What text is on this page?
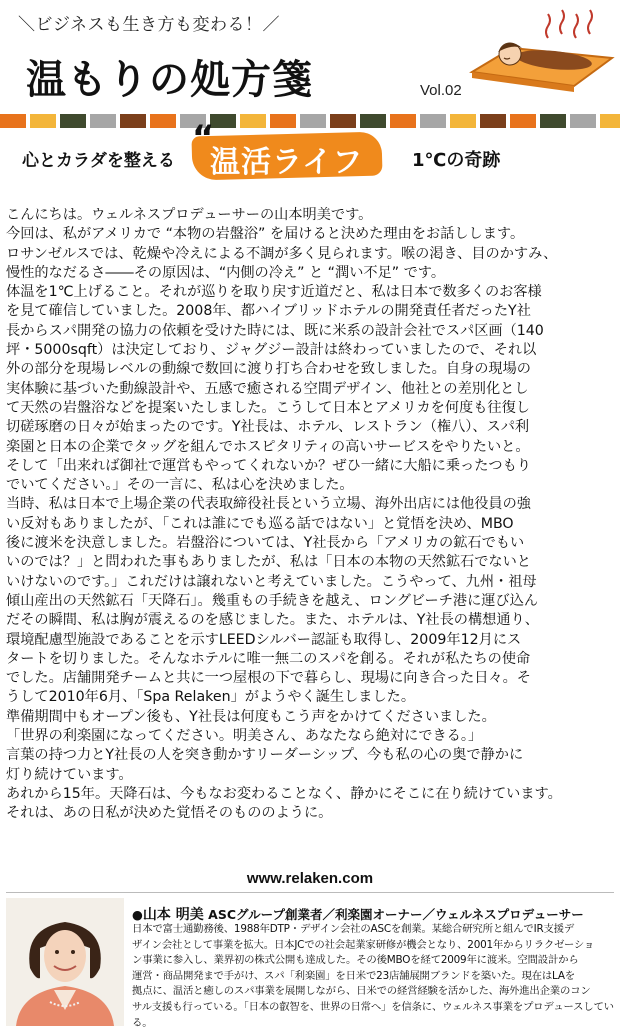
＼ビジネスも生き方も変わる！／
温もりの処方箋	Vol.02
心とカラダを整える
“
温活ライフ	1℃の奇跡

こんにちは。ウェルネスプロデューサーの山本明美です。

今回は、私がアメリカで “本物の岩盤浴” を届けると決めた理由をお話しします。

ロサンゼルスでは、乾燥や冷えによる不調が多く見られます。喉の渇き、目のかすみ、

慢性的なだるさ――その原因は、“内側の冷え” と “潤い不足” です。

体温を1℃上げること。それが巡りを取り戻す近道だと、私は日本で数多くのお客様

を見て確信していました。2008年、都ハイブリッドホテルの開発責任者だったY社

長からスパ開発の協力の依頼を受けた時には、既に米系の設計会社でスパ区画（140

坪・5000sqft）は決定しており、ジャグジー設計は終わっていましたので、それ以

外の部分を現場レベルの動線で数回に渡り打ち合わせを致しました。自身の現場の

実体験に基づいた動線設計や、五感で癒される空間デザイン、他社との差別化とし

て天然の岩盤浴などを提案いたしました。こうして日本とアメリカを何度も往復し

切磋琢磨の日々が始まったのです。Y社長は、ホテル、レストラン（権八）、スパ利

楽園と日本の企業でタッグを組んでホスピタリティの高いサービスをやりたいと。

そして「出来れば御社で運営もやってくれないか？ぜひ一緒に大船に乗ったつもり

でいてください。」その一言に、私は心を決めました。

当時、私は日本で上場企業の代表取締役社長という立場、海外出店には他役員の強

い反対もありましたが、「これは誰にでも巡る話ではない」と覚悟を決め、MBO

後に渡米を決意しました。岩盤浴については、Y社長から「アメリカの鉱石でもい

いのでは？」と問われた事もありましたが、私は「日本の本物の天然鉱石でないと

いけないのです。」これだけは譲れないと考えていました。こうやって、九州・祖母

傾山産出の天然鉱石「天降石」。幾重もの手続きを越え、ロングビーチ港に運び込ん

だその瞬間、私は胸が震えるのを感じました。また、ホテルは、Y社長の構想通り、

環境配慮型施設であることを示すLEEDシルバー認証も取得し、2009年12月にス

タートを切りました。そんなホテルに唯一無二のスパを創る。それが私たちの使命

でした。店舗開発チームと共に一つ屋根の下で暮らし、現場に向き合った日々。そ

うして2010年6月、「Spa Relaken」がようやく誕生しました。

準備期間中もオープン後も、Y社長は何度もこう声をかけてくださいました。

「世界の利楽園になってください。明美さん、あなたなら絶対にできる。」

言葉の持つ力とY社長の人を突き動かすリーダーシップ、今も私の心の奥で静かに

灯り続けています。

あれから15年。天降石は、今もなお変わることなく、静かにそこに在り続けています。

それは、あの日私が決めた覚悟そのもののように。

www.relaken.com
●山本 明美 ASCグループ創業者／利楽園オーナー／ウェルネスプロデューサー

日本で富士通勤務後、1988年DTP・デザイン会社のASCを創業。某総合研究所と組んでIR支援デ

ザイン会社として事業を拡大。日本JCでの社会起業家研修が機会となり、2001年からリラクゼーショ

ン事業に参入し、業界初の株式公開も達成した。その後MBOを経て2009年に渡米。空間設計から

運営・商品開発まで手がけ、スパ「利楽園」を日米で23店舗展開ブランドを築いた。現在はLAを

拠点に、温活と癒しのスパ事業を展開しながら、日米での経営経験を活かした、海外進出企業のコン

サル支援も行っている。「日本の叡智を、世界の日常へ」を信条に、ウェルネス事業をプロデュースしている。
